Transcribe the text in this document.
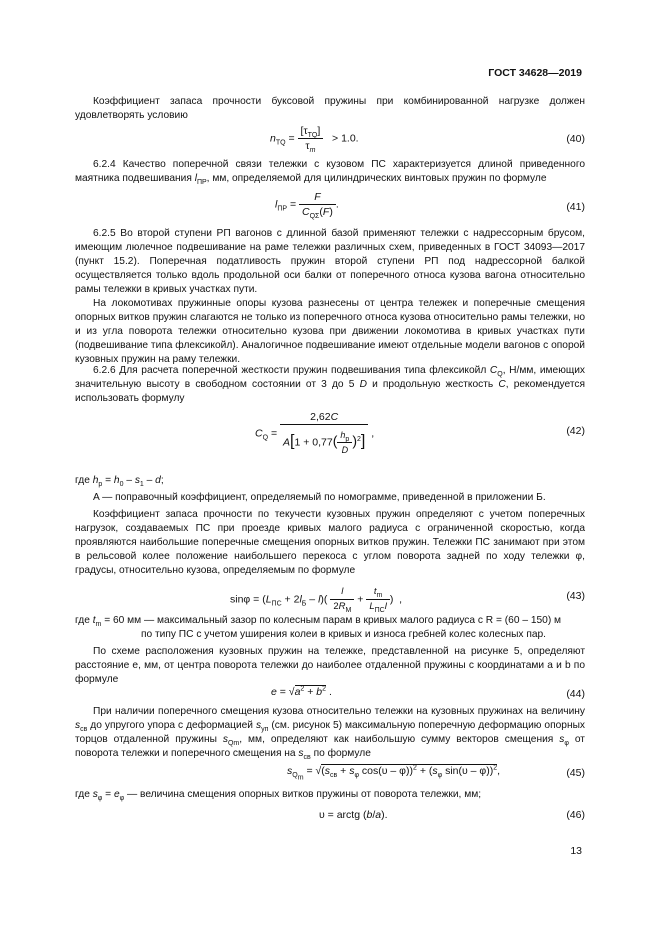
ГОСТ 34628—2019
Коэффициент запаса прочности буксовой пружины при комбинированной нагрузке должен удовлетворять условию
$n_{TQ} = \frac{[\tau_{TQ}]}{\tau_m} > 1.0$.	(40)
6.2.4 Качество поперечной связи тележки с кузовом ПС характеризуется длиной приведенного маятника подвешивания $l_{ПР}$, мм, определяемой для цилиндрических винтовых пружин по формуле
$l_{ПР} = \frac{F}{C_{Q\Sigma}(F)}$ .	(41)
6.2.5 Во второй ступени РП вагонов с длинной базой применяют тележки с надрессорным брусом, имеющим люлечное подвешивание на раме тележки различных схем, приведенных в ГОСТ 34093—2017 (пункт 15.2). Поперечная податливость пружин второй ступени РП под надрессорной балкой осуществляется только вдоль продольной оси балки от поперечного относа кузова вагона относительно рамы тележки в кривых участках пути.
На локомотивах пружинные опоры кузова разнесены от центра тележек и поперечные смещения опорных витков пружин слагаются не только из поперечного относа кузова относительно рамы тележки, но и из угла поворота тележки относительно кузова при движении локомотива в кривых участках пути (подвешивание типа флексикойл). Аналогичное подвешивание имеют отдельные модели вагонов с опорой кузовных пружин на раму тележки.
6.2.6 Для расчета поперечной жесткости пружин подвешивания типа флексикойл $C_Q$, Н/мм, имеющих значительную высоту в свободном состоянии от 3 до 5 D и продольную жесткость C, рекомендуется использовать формулу
$C_Q = \frac{2,62C}{A[1 + 0,77( \frac{h_р}{D} )^2]}$ ,	(42)
где $h_р = h_0 - s_1 - d$;
A — поправочный коэффициент, определяемый по номограмме, приведенной в приложении Б.
Коэффициент запаса прочности по текучести кузовных пружин определяют с учетом поперечных нагрузок, создаваемых ПС при проезде кривых малого радиуса с ограниченной скоростью, когда проявляются наибольшие поперечные смещения опорных витков пружин. Тележки ПС занимают при этом в рельсовой колее положение наибольшего перекоса с углом поворота задней по ходу тележки φ, градусы, относительно кузова, определяемым по формуле
$\sin\varphi = (L_{ПС} + 2l_Б - l)( \frac{l}{2R_М} + \frac{t_m}{L_{ПС}l}$ )  ,	(43)
где $t_m = 60$ мм — максимальный зазор по колесным парам в кривых малого радиуса с R = (60 – 150) м
по типу ПС с учетом уширения колеи в кривых и износа гребней колес колесных пар.
По схеме расположения кузовных пружин на тележке, представленной на рисунке 5, определяют расстояние e, мм, от центра поворота тележки до наиболее отдаленной пружины с координатами a и b по формуле
$e = √a^2 + b^2$ .	(44)
При наличии поперечного смещения кузова относительно тележки на кузовных пружинах на величину $s_{св}$ до упругого упора с деформацией $s_{уп}$ (см. рисунок 5) максимальную поперечную деформацию опорных торцов отдаленной пружины $s_{Qm}$, мм, определяют как наибольшую сумму векторов смещения $s_\varphi$ от поворота тележки и поперечного смещения на $s_{св}$ по формуле
$s_{Q_m} = √(s_{св} + s_\varphi$ $\cos(\upsilon - \varphi))^2 + (s_\varphi$ sin(υ – φ))$^2$,	(45)
где $s_\varphi = e_\varphi$ — величина смещения опорных витков пружины от поворота тележки, мм;
υ = arctg (b/a).	(46)
13
